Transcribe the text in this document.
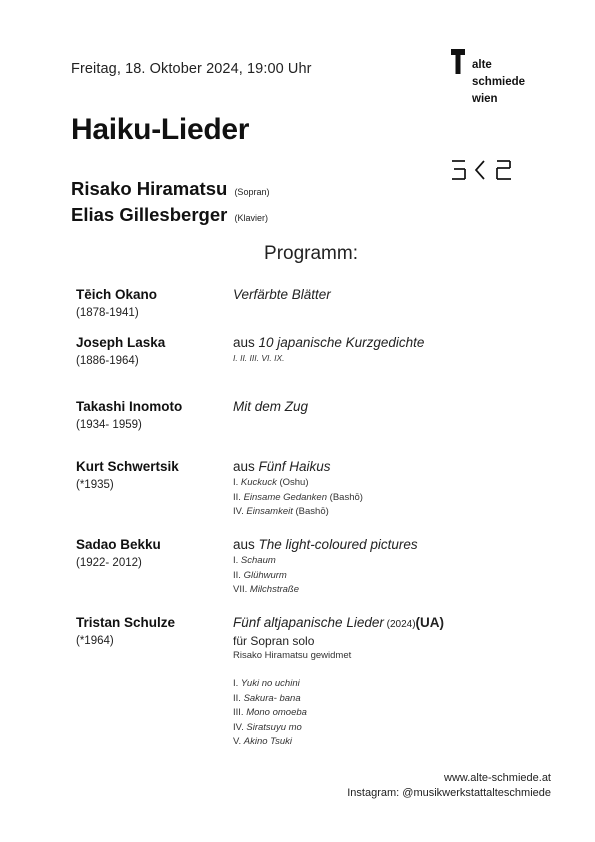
Freitag, 18. Oktober 2024, 19:00 Uhr
Haiku-Lieder
alte
schmiede
wien
Risako Hiramatsu (Sopran)
Elias Gillesberger (Klavier)
Programm:
Tēich Okano
(1878-1941)
Verfärbte Blätter
Joseph Laska
(1886-1964)
aus 10 japanische Kurzgedichte
I. II. III. VI. IX.
Takashi Inomoto
(1934- 1959)
Mit dem Zug
Kurt Schwertsik
(*1935)
aus Fünf Haikus
I. Kuckuck (Oshu)
II. Einsame Gedanken (Bashō)
IV. Einsamkeit (Bashō)
Sadao Bekku
(1922- 2012)
aus The light-coloured pictures
I. Schaum
II. Glühwurm
VII. Milchstraße
Tristan Schulze
(*1964)
Fünf altjapanische Lieder (2024)(UA)
für Sopran solo
Risako Hiramatsu gewidmet
I. Yuki no uchini
II. Sakura- bana
III. Mono omoeba
IV. Siratsuyu mo
V. Akino Tsuki
www.alte-schmiede.at
Instagram: @musikwerkstattalteschmiede
